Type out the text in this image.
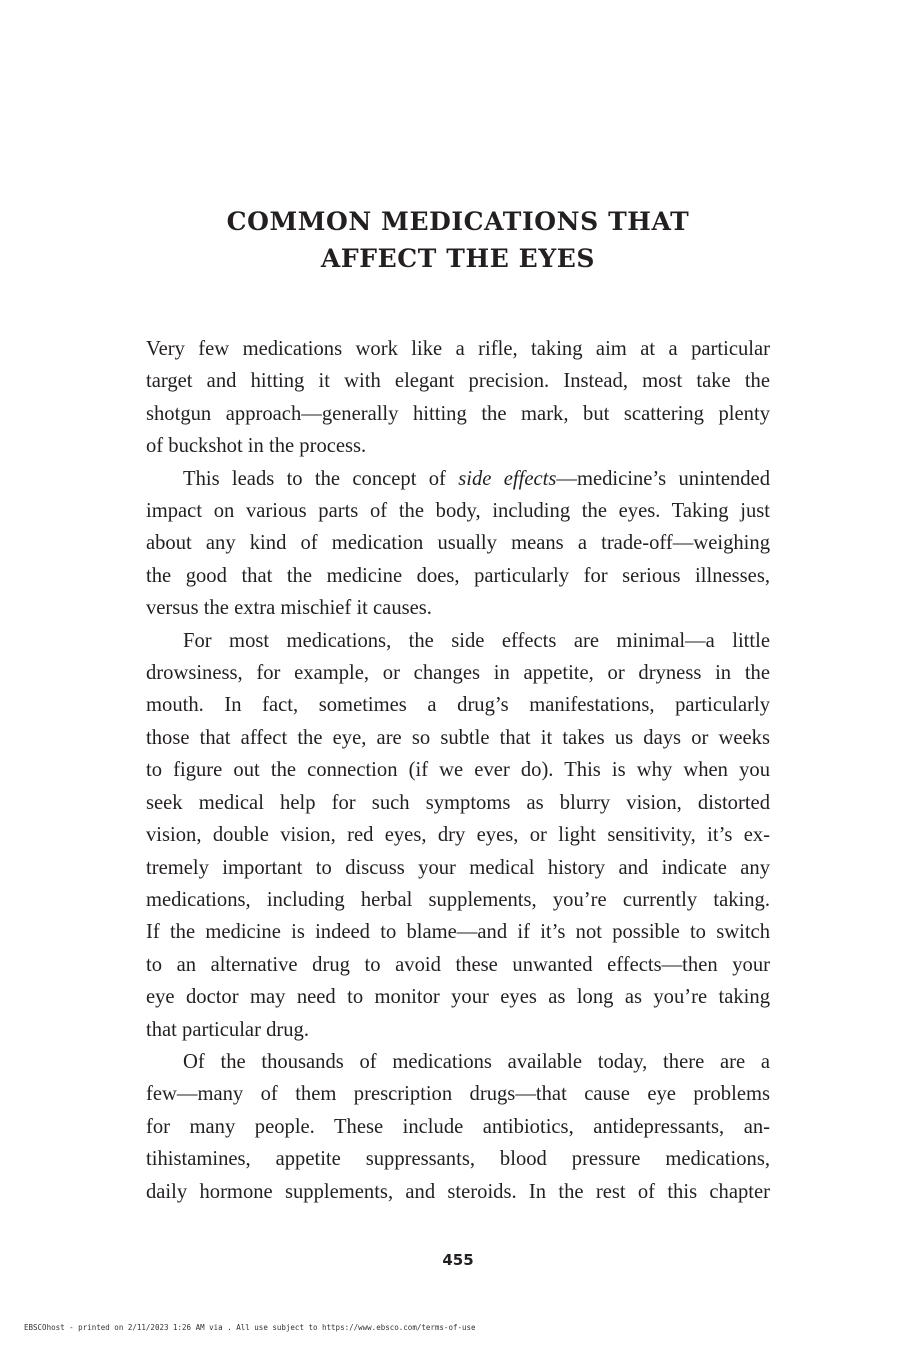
COMMON MEDICATIONS THAT
AFFECT THE EYES

Very few medications work like a rifle, taking aim at a particular

target and hitting it with elegant precision. Instead, most take the

shotgun approach—generally hitting the mark, but scattering plenty

of buckshot in the process.

This leads to the concept of side effects—medicine’s unintended

impact on various parts of the body, including the eyes. Taking just

about any kind of medication usually means a trade-off—weighing

the good that the medicine does, particularly for serious illnesses,

versus the extra mischief it causes.

For most medications, the side effects are minimal—a little

drowsiness, for example, or changes in appetite, or dryness in the

mouth. In fact, sometimes a drug’s manifestations, particularly

those that affect the eye, are so subtle that it takes us days or weeks

to figure out the connection (if we ever do). This is why when you

seek medical help for such symptoms as blurry vision, distorted

vision, double vision, red eyes, dry eyes, or light sensitivity, it’s ex-

tremely important to discuss your medical history and indicate any

medications, including herbal supplements, you’re currently taking.

If the medicine is indeed to blame—and if it’s not possible to switch

to an alternative drug to avoid these unwanted effects—then your

eye doctor may need to monitor your eyes as long as you’re taking

that particular drug.

Of the thousands of medications available today, there are a

few—many of them prescription drugs—that cause eye problems

for many people. These include antibiotics, antidepressants, an-

tihistamines, appetite suppressants, blood pressure medications,

daily hormone supplements, and steroids. In the rest of this chapter

455
EBSCOhost - printed on 2/11/2023 1:26 AM via . All use subject to https://www.ebsco.com/terms-of-use
